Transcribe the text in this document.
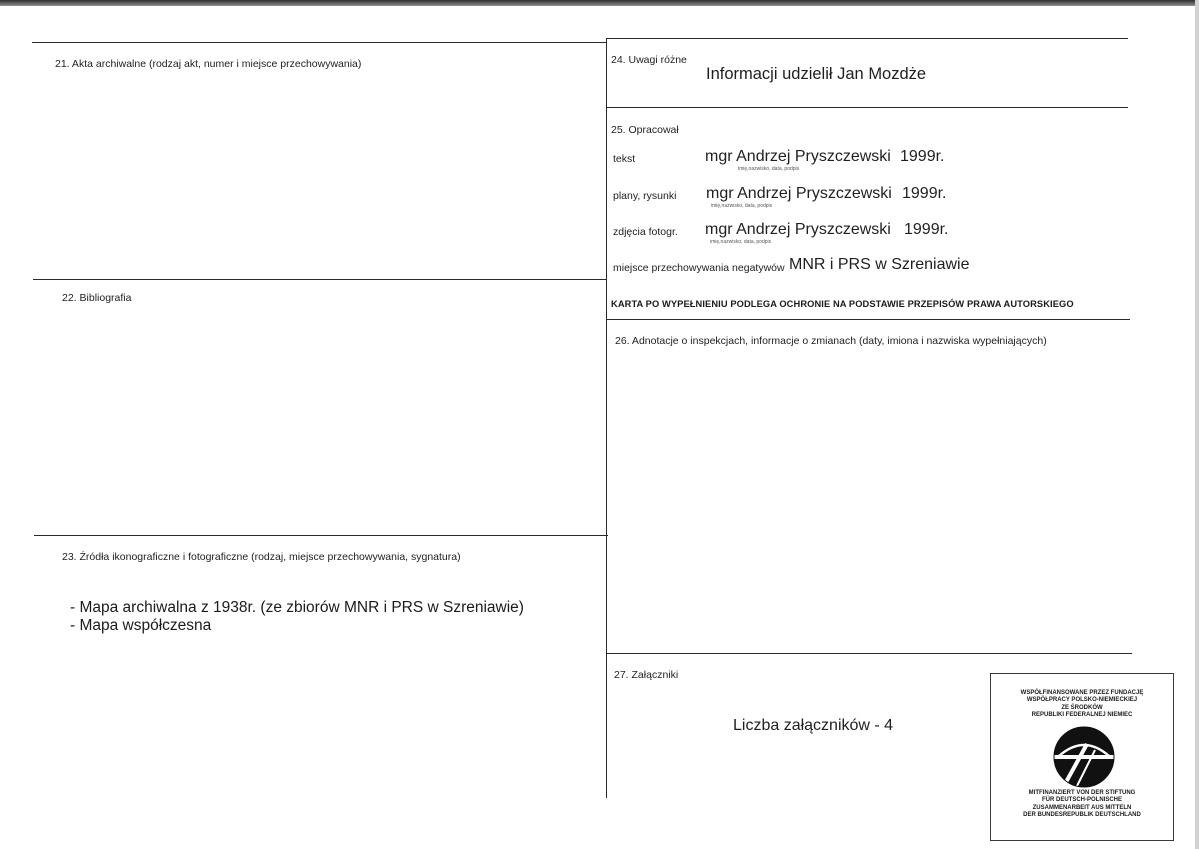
21. Akta archiwalne (rodzaj akt, numer i miejsce przechowywania)
22. Bibliografia
23. Źródła ikonograficzne i fotograficzne (rodzaj, miejsce przechowywania, sygnatura)
- Mapa archiwalna z 1938r. (ze zbiorów MNR i PRS w Szreniawie)
- Mapa współczesna
24. Uwagi różne
Informacji udzielił Jan Mozdże
25. Opracował
tekst	mgr Andrzej Pryszczewski 1999r.
imię,nazwisko, data, podpis
plany, rysunki mgr Andrzej Pryszczewski 1999r.
imię,nazwisko, data, podpis
zdjęcia fotogr. mgr Andrzej Pryszczewski 1999r.
imię,nazwisko, data, podpis
miejsce przechowywania negatywów MNR i PRS w Szreniawie
KARTA PO WYPEŁNIENIU PODLEGA OCHRONIE NA PODSTAWIE PRZEPISÓW PRAWA AUTORSKIEGO
26. Adnotacje o inspekcjach, informacje o zmianach (daty, imiona i nazwiska wypełniających)
27. Załączniki
Liczba załączników - 4
WSPÓŁFINANSOWANE PRZEZ FUNDACJĘ
WSPÓŁPRACY POLSKO-NIEMIECKIEJ
ZE ŚRODKÓW
REPUBLIKI FEDERALNEJ NIEMIEC
MITFINANZIERT VON DER STIFTUNG
FÜR DEUTSCH-POLNISCHE
ZUSAMMENARBEIT AUS MITTELN
DER BUNDESREPUBLIK DEUTSCHLAND
